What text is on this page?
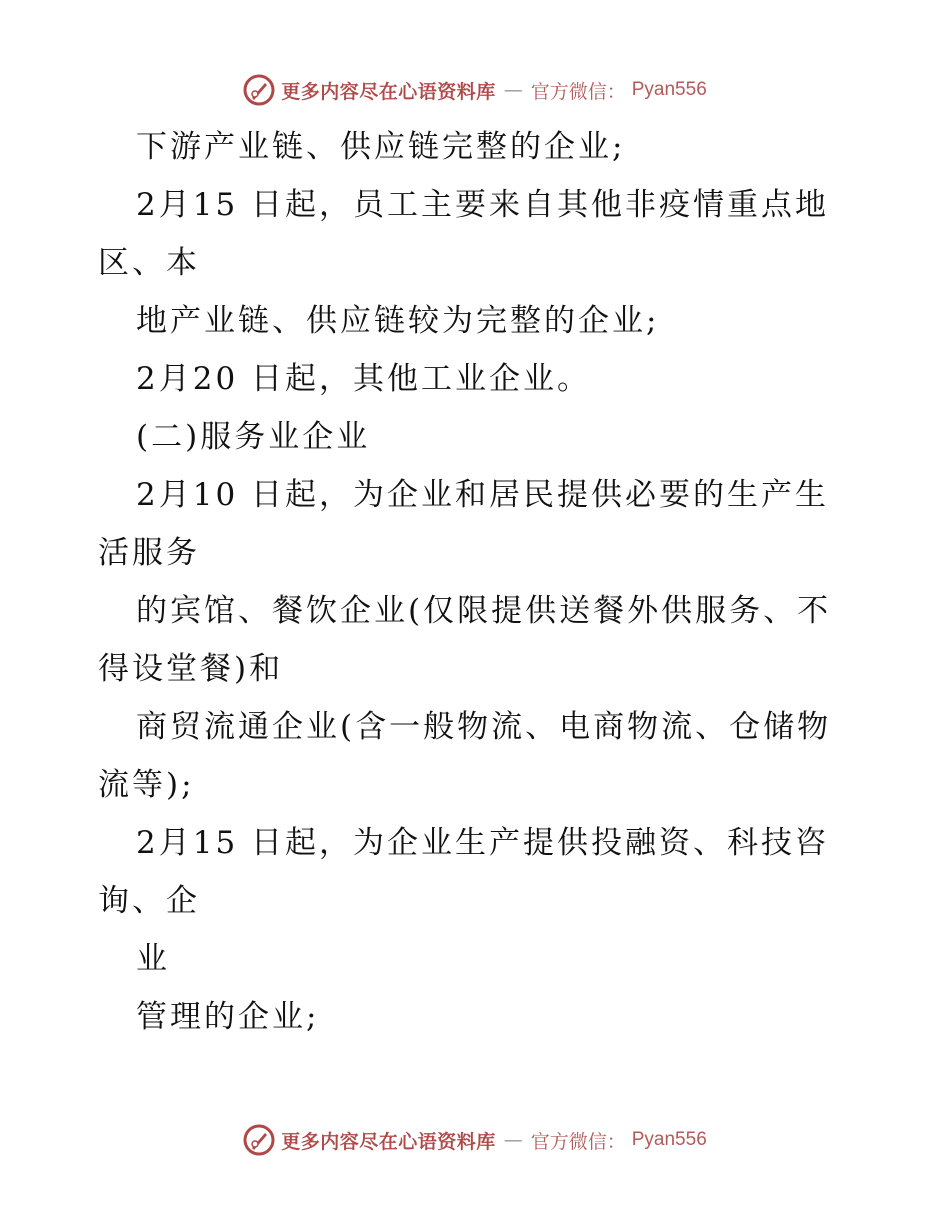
更多内容尽在心语资料库 — 官方微信： Pyan556
下游产业链、供应链完整的企业;
2月15 日起，员工主要来自其他非疫情重点地
区、本
地产业链、供应链较为完整的企业;
2月20 日起，其他工业企业。
(二)服务业企业
2月10 日起，为企业和居民提供必要的生产生
活服务
的宾馆、餐饮企业(仅限提供送餐外供服务、不
得设堂餐)和
商贸流通企业(含一般物流、电商物流、仓储物
流等);
2月15 日起，为企业生产提供投融资、科技咨
询、企
业
管理的企业;
更多内容尽在心语资料库 — 官方微信： Pyan556
